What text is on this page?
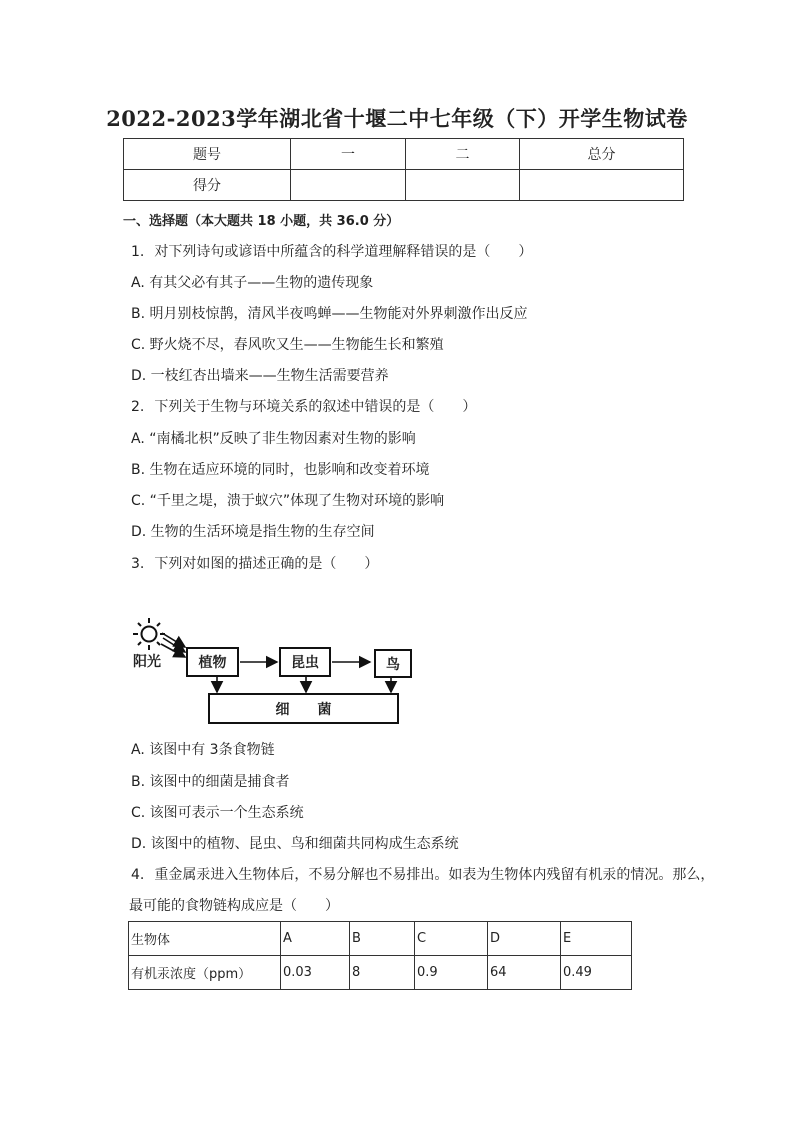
2022-2023学年湖北省十堰二中七年级（下）开学生物试卷
题号	一	二	总分
得分			
一、选择题（本大题共 18 小题，共 36.0 分）
1. 对下列诗句或谚语中所蕴含的科学道理解释错误的是（　　）
A. 有其父必有其子——生物的遗传现象
B. 明月别枝惊鹊，清风半夜鸣蝉——生物能对外界刺激作出反应
C. 野火烧不尽，春风吹又生——生物能生长和繁殖
D. 一枝红杏出墙来——生物生活需要营养
2. 下列关于生物与环境关系的叙述中错误的是（　　）
A. “南橘北枳”反映了非生物因素对生物的影响
B. 生物在适应环境的同时，也影响和改变着环境
C. “千里之堤，溃于蚁穴”体现了生物对环境的影响
D. 生物的生活环境是指生物的生存空间
3. 下列对如图的描述正确的是（　　）
阳光	植物	昆虫	鸟
细　　菌
A. 该图中有 3条食物链
B. 该图中的细菌是捕食者
C. 该图可表示一个生态系统
D. 该图中的植物、昆虫、鸟和细菌共同构成生态系统
4. 重金属汞进入生物体后，不易分解也不易排出。如表为生物体内残留有机汞的情况。那么，
最可能的食物链构成应是（　　）
生物体	A	B	C	D	E
有机汞浓度（ppm）	0.03	8	0.9	64	0.49
